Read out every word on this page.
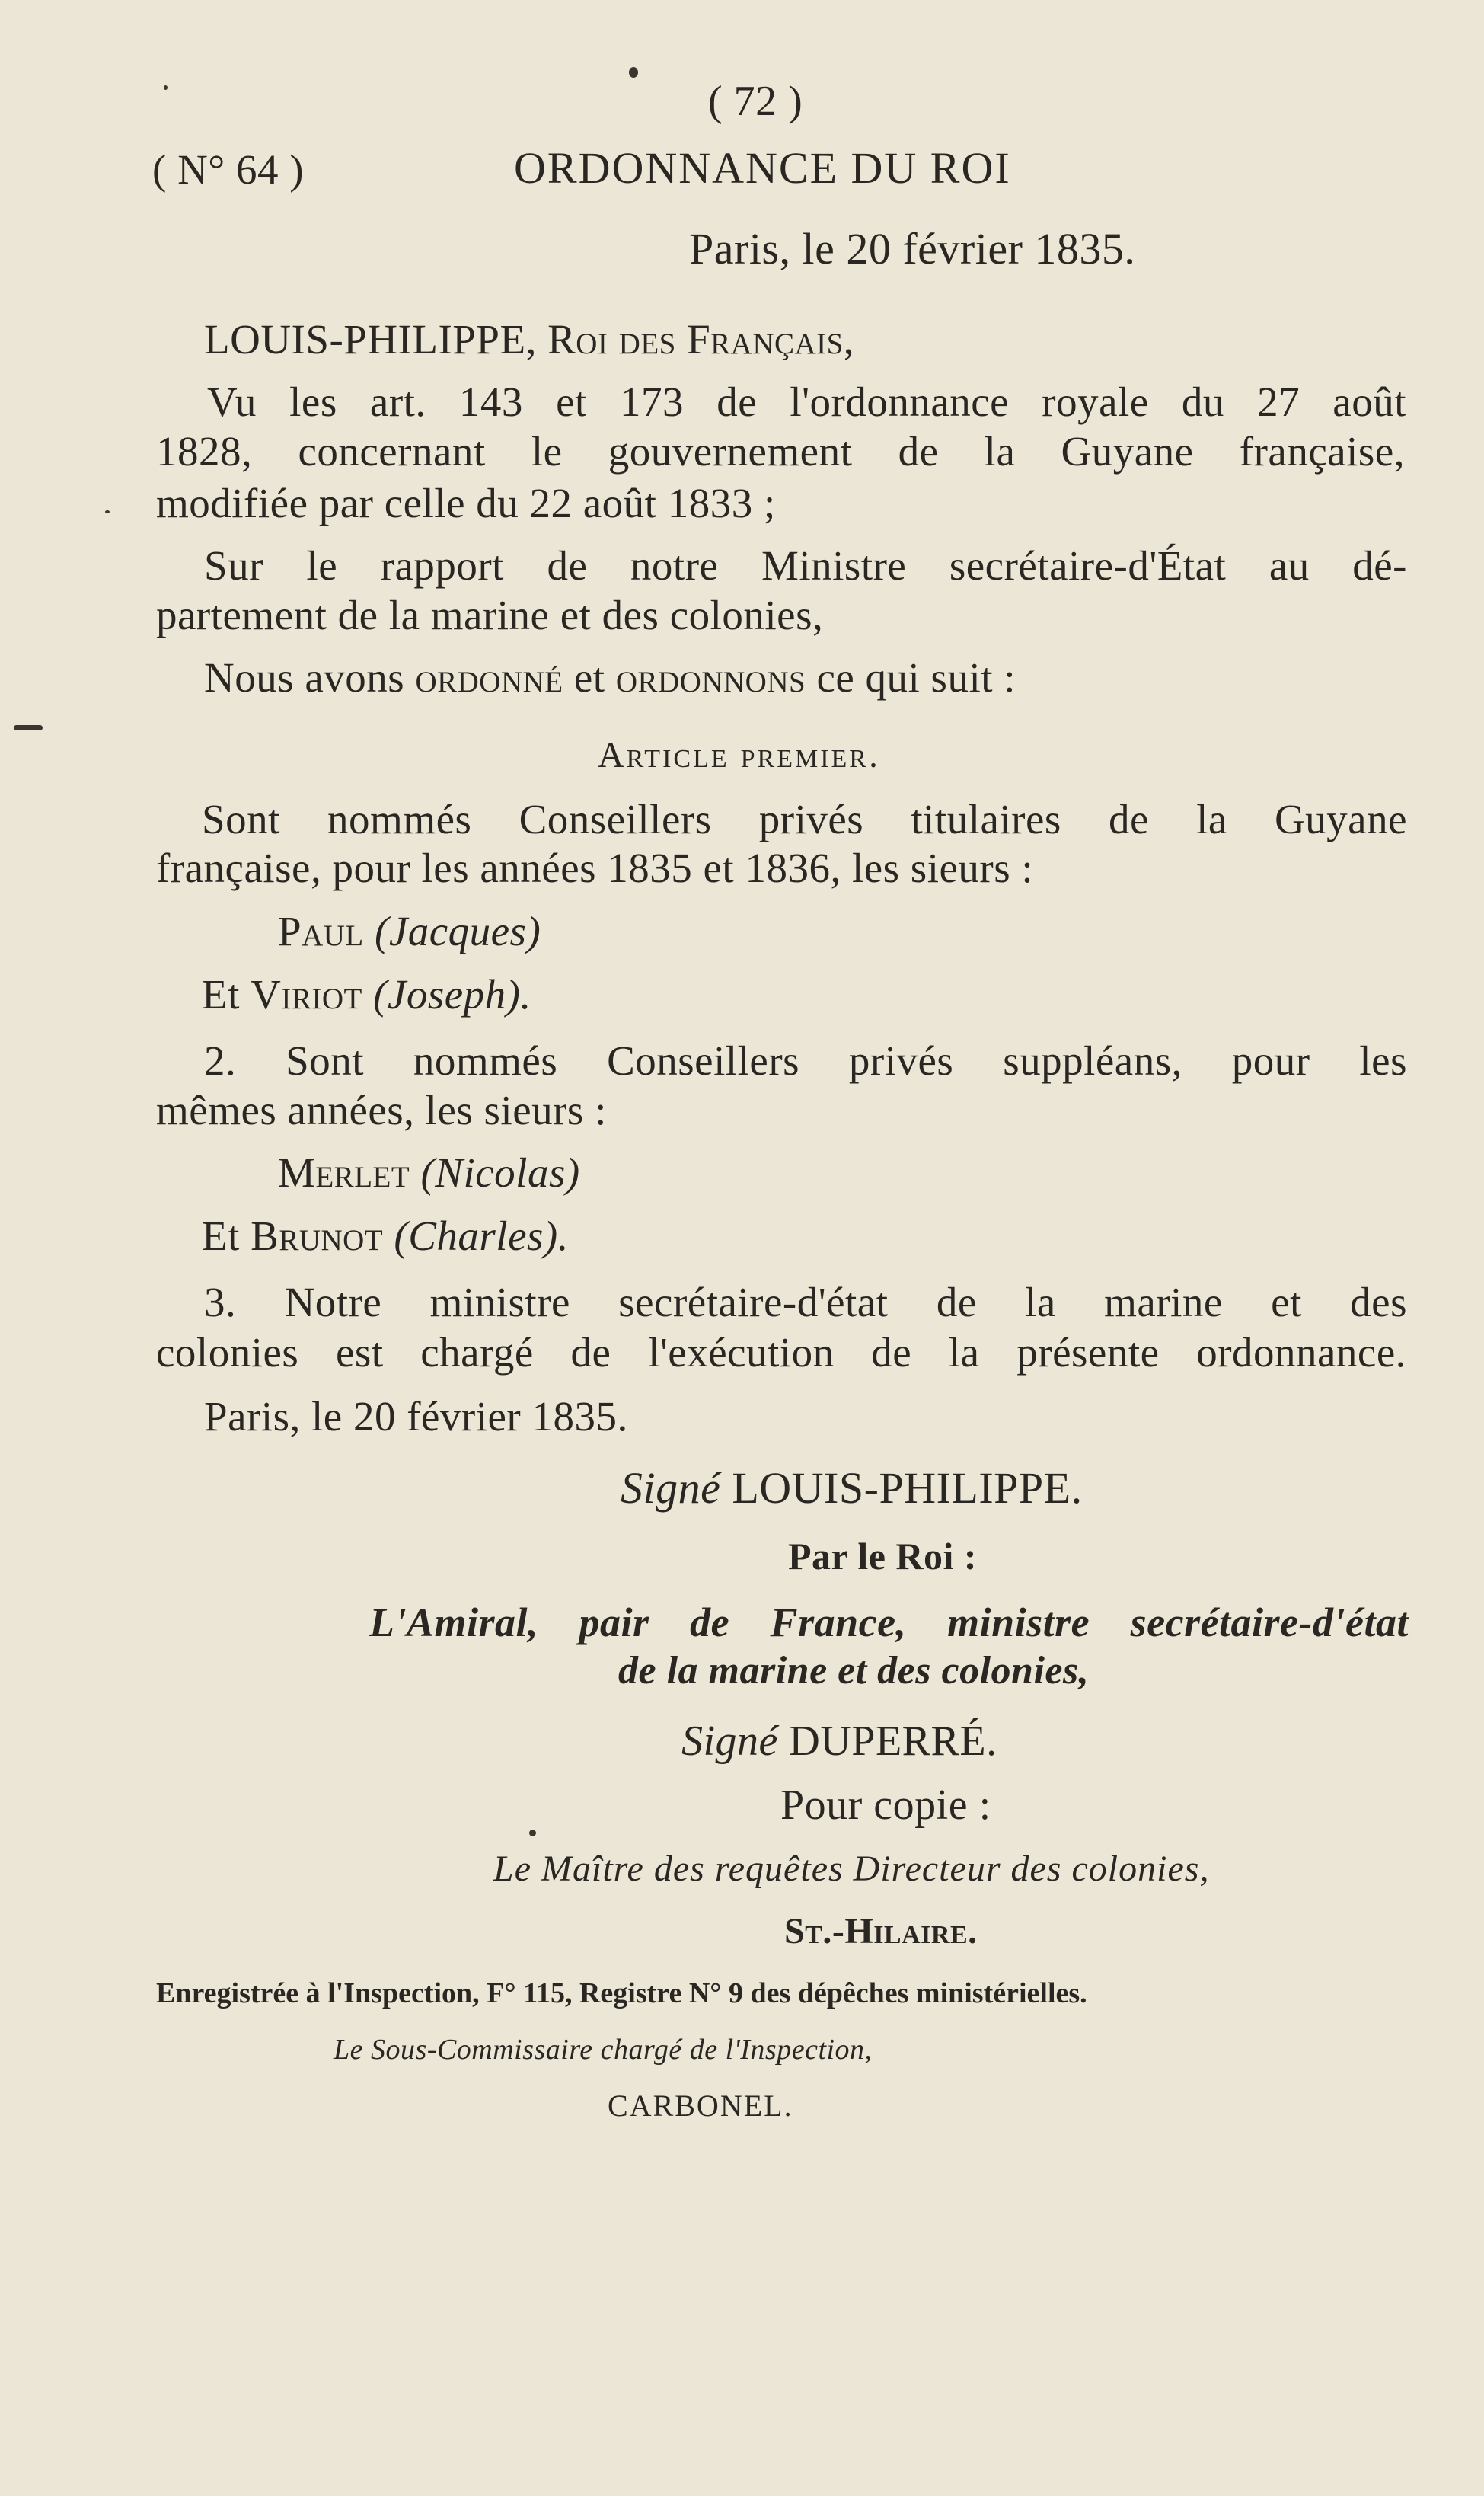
( 72 )

( N° 64 )	ORDONNANCE DU ROI

Paris, le 20 février 1835.

LOUIS-PHILIPPE, Roi des Français,

Vu les art. 143 et 173 de l'ordonnance royale du 27 août

1828, concernant le gouvernement de la Guyane française,

modifiée par celle du 22 août 1833 ;

Sur le rapport de notre Ministre secrétaire-d'État au dé-

partement de la marine et des colonies,

Nous avons ordonné et ordonnons ce qui suit :

Article premier.

Sont nommés Conseillers privés titulaires de la Guyane

française, pour les années 1835 et 1836, les sieurs :

Paul (Jacques)

Et Viriot (Joseph).

2. Sont nommés Conseillers privés suppléans, pour les

mêmes années, les sieurs :

Merlet (Nicolas)

Et Brunot (Charles).

3. Notre ministre secrétaire-d'état de la marine et des

colonies est chargé de l'exécution de la présente ordonnance.

Paris, le 20 février 1835.

Signé LOUIS-PHILIPPE.

Par le Roi :

L'Amiral, pair de France, ministre secrétaire-d'état

de la marine et des colonies,

Signé DUPERRÉ.

Pour copie :

Le Maître des requêtes Directeur des colonies,

St.-Hilaire.

Enregistrée à l'Inspection, F° 115, Registre N° 9 des dépêches ministérielles.

Le Sous-Commissaire chargé de l'Inspection,

CARBONEL.
